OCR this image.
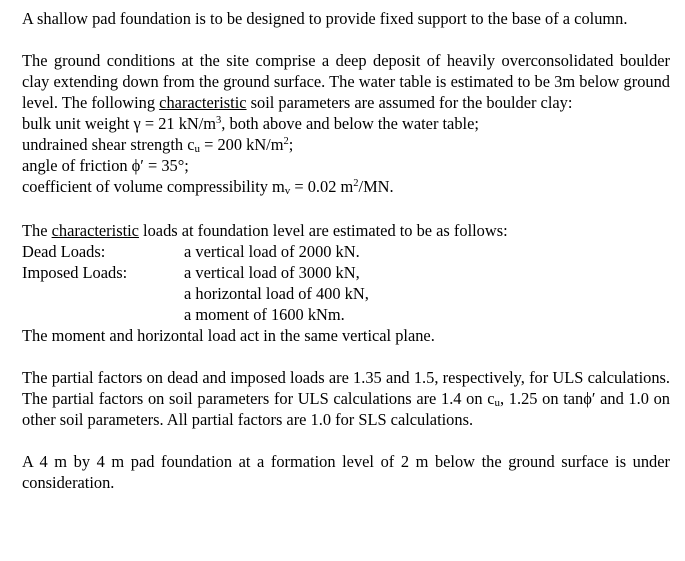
A shallow pad foundation is to be designed to provide fixed support to the base of a column.

The ground conditions at the site comprise a deep deposit of heavily overconsolidated boulder clay extending down from the ground surface. The water table is estimated to be 3m below ground level. The following characteristic soil parameters are assumed for the boulder clay:

bulk unit weight γ = 21 $kN/m^3$, both above and below the water table;

undrained shear strength $c_u = 200$ $kN/m^2$;

angle of friction ϕ′ = 35°;

coefficient of volume compressibility $m_v = 0.02$ $m^2/MN$.

The characteristic loads at foundation level are estimated to be as follows:

Dead Loads:	a vertical load of 2000 kN.
Imposed Loads:	a vertical load of 3000 kN,
a horizontal load of 400 kN,
a moment of 1600 kNm.

The moment and horizontal load act in the same vertical plane.

The partial factors on dead and imposed loads are 1.35 and 1.5, respectively, for ULS calculations. The partial factors on soil parameters for ULS calculations are 1.4 on $c_u$, 1.25 on tanϕ′ and 1.0 on other soil parameters. All partial factors are 1.0 for SLS calculations.

A 4 m by 4 m pad foundation at a formation level of 2 m below the ground surface is under consideration.
